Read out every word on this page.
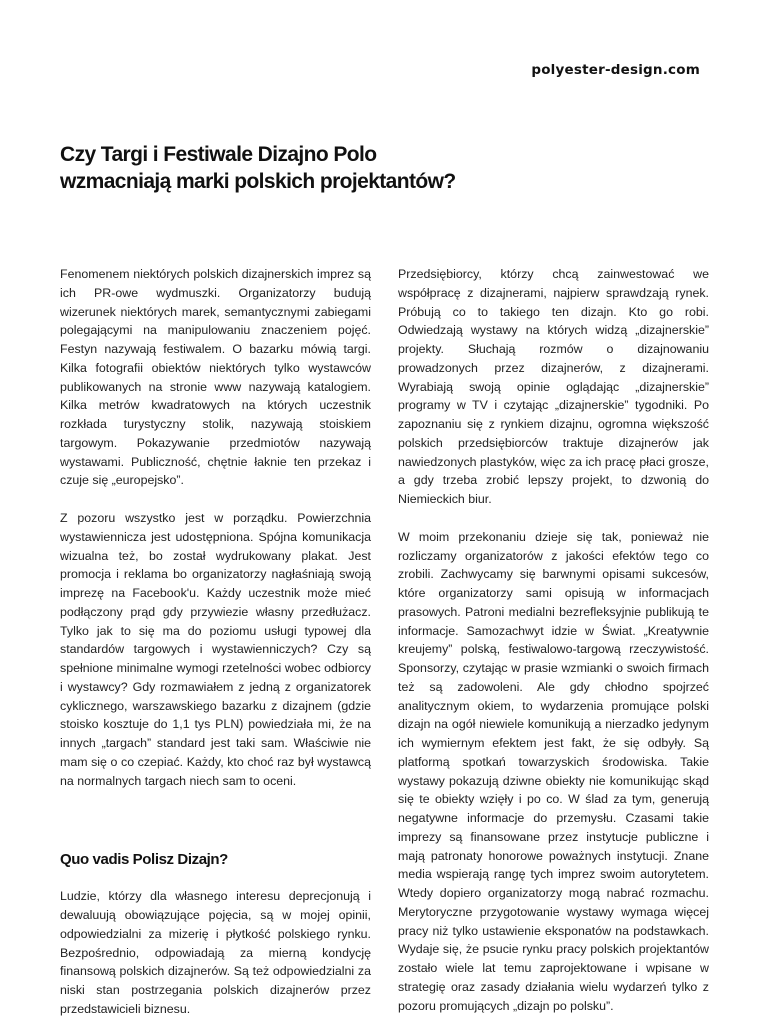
polyester-design.com
Czy Targi i Festiwale Dizajno Polo
wzmacniają marki polskich projektantów?

Fenomenem niektórych polskich dizajnerskich imprez są ich PR-owe wydmuszki. Organizatorzy budują wizerunek niektórych marek, semantycznymi zabiegami polegającymi na manipulowaniu znaczeniem pojęć. Festyn nazywają festiwalem. O bazarku mówią targi. Kilka fotografii obiektów niektórych tylko wystawców publikowanych na stronie www nazywają katalogiem. Kilka metrów kwadratowych na których uczestnik rozkłada turystyczny stolik, nazywają stoiskiem targowym. Pokazywanie przedmiotów nazywają wystawami. Publiczność, chętnie łaknie ten przekaz i czuje się „europejsko”.

Z pozoru wszystko jest w porządku. Powierzchnia wystawiennicza jest udostępniona. Spójna komunikacja wizualna też, bo został wydrukowany plakat. Jest promocja i reklama bo organizatorzy nagłaśniają swoją imprezę na Facebook'u. Każdy uczestnik może mieć podłączony prąd gdy przywiezie własny przedłużacz. Tylko jak to się ma do poziomu usługi typowej dla standardów targowych i wystawienniczych? Czy są spełnione minimalne wymogi rzetelności wobec odbiorcy i wystawcy? Gdy rozmawiałem z jedną z organizatorek cyklicznego, warszawskiego bazarku z dizajnem (gdzie stoisko kosztuje do 1,1 tys PLN) powiedziała mi, że na innych „targach” standard jest taki sam. Właściwie nie mam się o co czepiać. Każdy, kto choć raz był wystawcą na normalnych targach niech sam to oceni.

Quo vadis Polisz Dizajn?

Ludzie, którzy dla własnego interesu deprecjonują i dewaluują obowiązujące pojęcia, są w mojej opinii, odpowiedzialni za mizerię i płytkość polskiego rynku. Bezpośrednio, odpowiadają za mierną kondycję finansową polskich dizajnerów. Są też odpowiedzialni za niski stan postrzegania polskich dizajnerów przez przedstawicieli biznesu.

Przedsiębiorcy, którzy chcą zainwestować we współpracę z dizajnerami, najpierw sprawdzają rynek. Próbują co to takiego ten dizajn. Kto go robi. Odwiedzają wystawy na których widzą „dizajnerskie” projekty. Słuchają rozmów o dizajnowaniu prowadzonych przez dizajnerów, z dizajnerami. Wyrabiają swoją opinie oglądając „dizajnerskie” programy w TV i czytając „dizajnerskie” tygodniki. Po zapoznaniu się z rynkiem dizajnu, ogromna większość polskich przedsiębiorców traktuje dizajnerów jak nawiedzonych plastyków, więc za ich pracę płaci grosze, a gdy trzeba zrobić lepszy projekt, to dzwonią do Niemieckich biur.

W moim przekonaniu dzieje się tak, ponieważ nie rozliczamy organizatorów z jakości efektów tego co zrobili. Zachwycamy się barwnymi opisami sukcesów, które organizatorzy sami opisują w informacjach prasowych. Patroni medialni bezrefleksyjnie publikują te informacje. Samozachwyt idzie w Świat. „Kreatywnie kreujemy” polską, festiwalowo-targową rzeczywistość. Sponsorzy, czytając w prasie wzmianki o swoich firmach też są zadowoleni. Ale gdy chłodno spojrzeć analitycznym okiem, to wydarzenia promujące polski dizajn na ogół niewiele komunikują a nierzadko jedynym ich wymiernym efektem jest fakt, że się odbyły. Są platformą spotkań towarzyskich środowiska. Takie wystawy pokazują dziwne obiekty nie komunikując skąd się te obiekty wzięły i po co. W ślad za tym, generują negatywne informacje do przemysłu. Czasami takie imprezy są finansowane przez instytucje publiczne i mają patronaty honorowe poważnych instytucji. Znane media wspierają rangę tych imprez swoim autorytetem. Wtedy dopiero organizatorzy mogą nabrać rozmachu. Merytoryczne przygotowanie wystawy wymaga więcej pracy niż tylko ustawienie eksponatów na podstawkach. Wydaje się, że psucie rynku pracy polskich projektantów zostało wiele lat temu zaprojektowane i wpisane w strategię oraz zasady działania wielu wydarzeń tylko z pozoru promujących „dizajn po polsku”.
